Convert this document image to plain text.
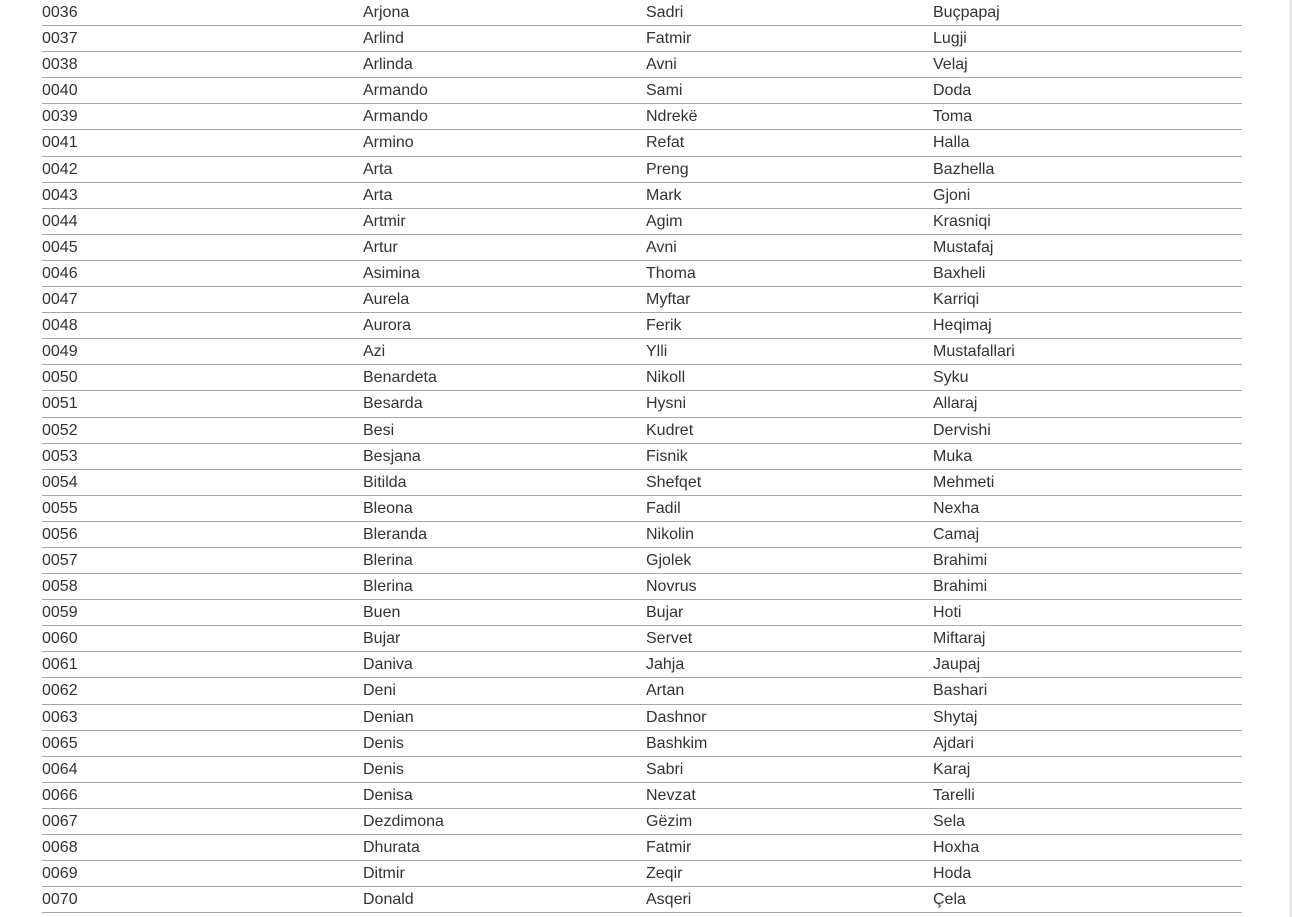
0036	Arjona	Sadri	Buçpapaj
0037	Arlind	Fatmir	Lugji
0038	Arlinda	Avni	Velaj
0040	Armando	Sami	Doda
0039	Armando	Ndrekë	Toma
0041	Armino	Refat	Halla
0042	Arta	Preng	Bazhella
0043	Arta	Mark	Gjoni
0044	Artmir	Agim	Krasniqi
0045	Artur	Avni	Mustafaj
0046	Asimina	Thoma	Baxheli
0047	Aurela	Myftar	Karriqi
0048	Aurora	Ferik	Heqimaj
0049	Azi	Ylli	Mustafallari
0050	Benardeta	Nikoll	Syku
0051	Besarda	Hysni	Allaraj
0052	Besi	Kudret	Dervishi
0053	Besjana	Fisnik	Muka
0054	Bitilda	Shefqet	Mehmeti
0055	Bleona	Fadil	Nexha
0056	Bleranda	Nikolin	Camaj
0057	Blerina	Gjolek	Brahimi
0058	Blerina	Novrus	Brahimi
0059	Buen	Bujar	Hoti
0060	Bujar	Servet	Miftaraj
0061	Daniva	Jahja	Jaupaj
0062	Deni	Artan	Bashari
0063	Denian	Dashnor	Shytaj
0065	Denis	Bashkim	Ajdari
0064	Denis	Sabri	Karaj
0066	Denisa	Nevzat	Tarelli
0067	Dezdimona	Gëzim	Sela
0068	Dhurata	Fatmir	Hoxha
0069	Ditmir	Zeqir	Hoda
0070	Donald	Asqeri	Çela
